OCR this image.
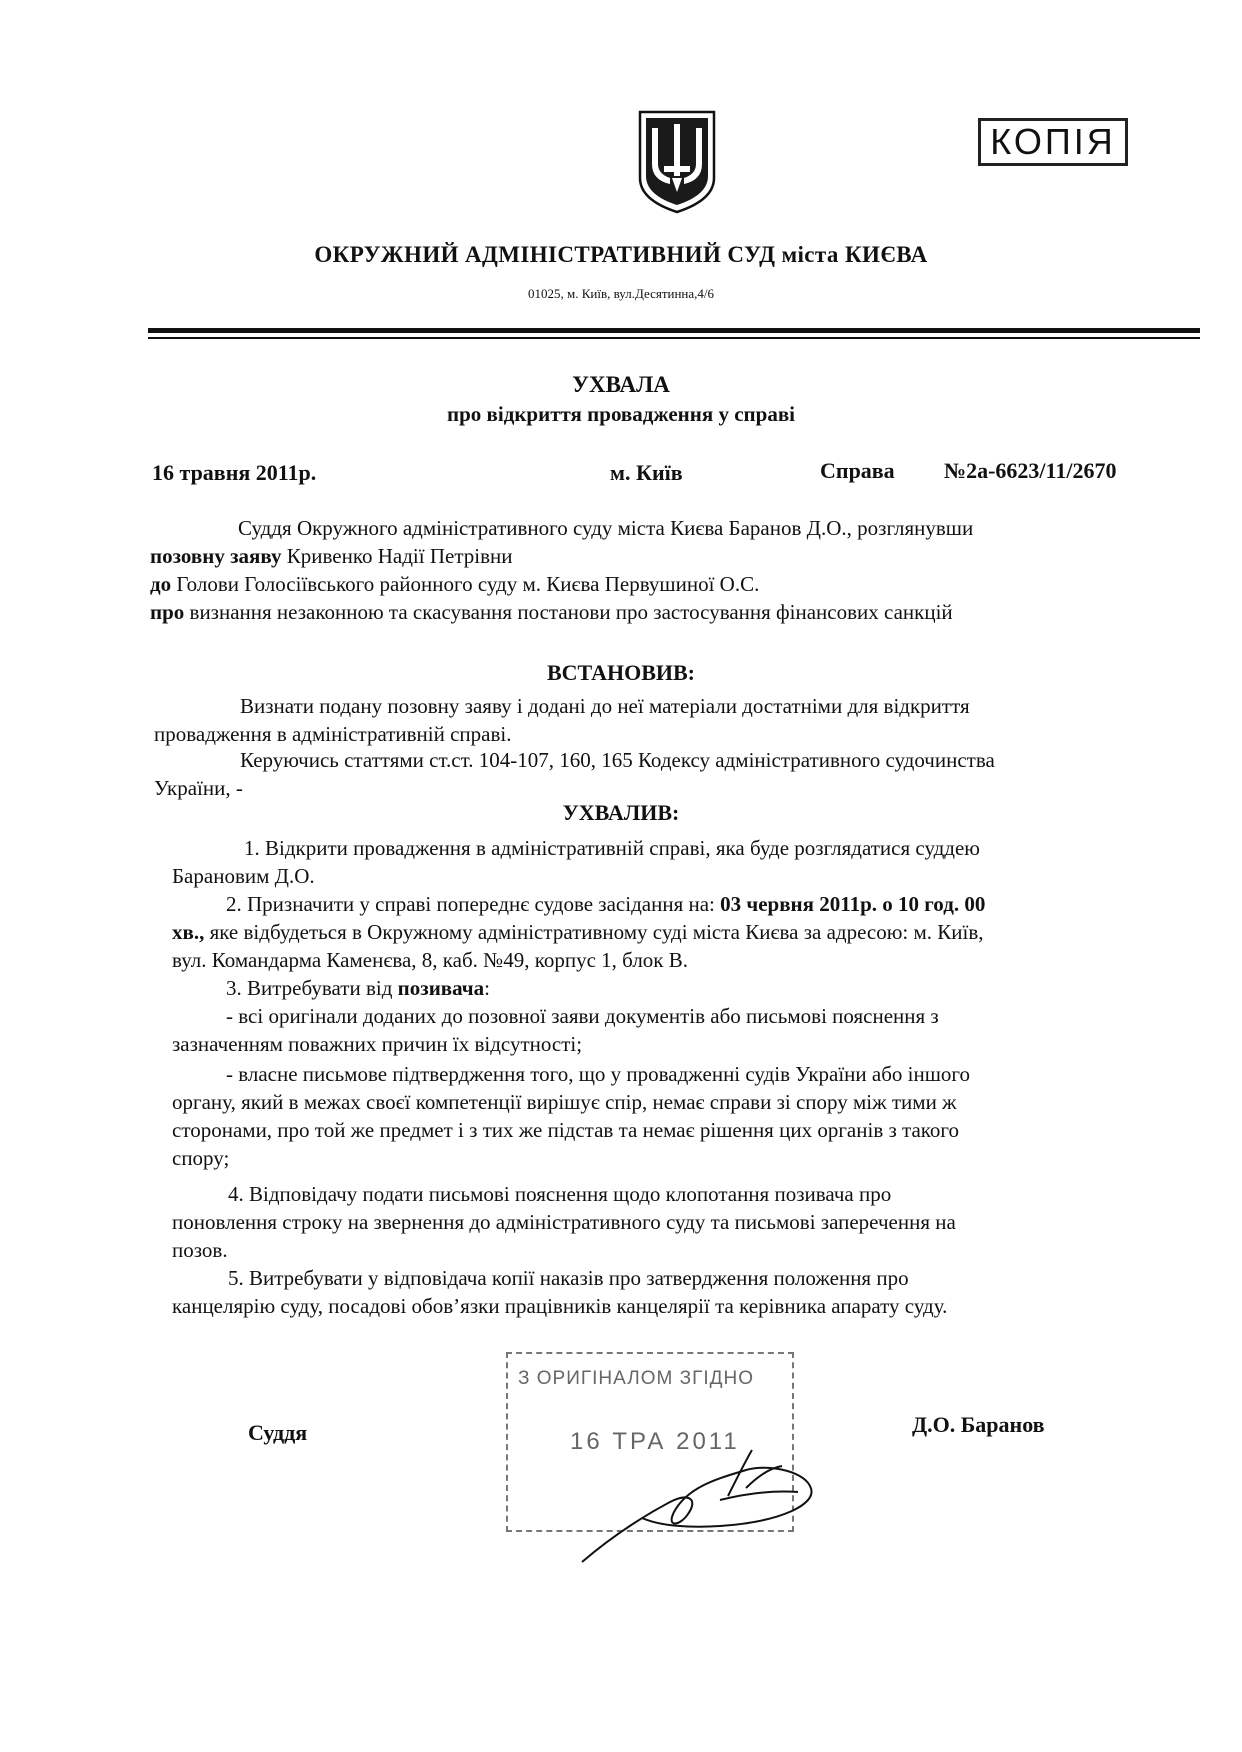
КОПІЯ
ОКРУЖНИЙ АДМІНІСТРАТИВНИЙ СУД міста КИЄВА
01025, м. Київ, вул.Десятинна,4/6
УХВАЛА
про відкриття провадження у справі
16 травня 2011р.	м. Київ	Справа №2а-6623/11/2670
Суддя Окружного адміністративного суду міста Києва Баранов Д.О., розглянувши
позовну заяву Кривенко Надії Петрівни
до Голови Голосіївського районного суду м. Києва Первушиної О.С.
про визнання незаконною та скасування постанови про застосування фінансових санкцій
ВСТАНОВИВ:
Визнати подану позовну заяву і додані до неї матеріали достатніми для відкриття
провадження в адміністративній справі.
Керуючись статтями ст.ст. 104-107, 160, 165 Кодексу адміністративного судочинства
України, -
УХВАЛИВ:
1. Відкрити провадження в адміністративній справі, яка буде розглядатися суддею
Барановим Д.О.
2. Призначити у справі попереднє судове засідання на: 03 червня 2011р. о 10 год. 00
хв., яке відбудеться в Окружному адміністративному суді міста Києва за адресою: м. Київ,
вул. Командарма Каменєва, 8, каб. №49, корпус 1, блок В.
3. Витребувати від позивача:
- всі оригінали доданих до позовної заяви документів або письмові пояснення з
зазначенням поважних причин їх відсутності;
- власне письмове підтвердження того, що у провадженні судів України або іншого
органу, який в межах своєї компетенції вирішує спір, немає справи зі спору між тими ж
сторонами, про той же предмет і з тих же підстав та немає рішення цих органів з такого
спору;
4. Відповідачу подати письмові пояснення щодо клопотання позивача про
поновлення строку на звернення до адміністративного суду та письмові заперечення на
позов.
5. Витребувати у відповідача копії наказів про затвердження положення про
канцелярію суду, посадові обов’язки працівників канцелярії та керівника апарату суду.
Суддя	Д.О. Баранов
З ОРИГІНАЛОМ ЗГІДНО
16 ТРА 2011
